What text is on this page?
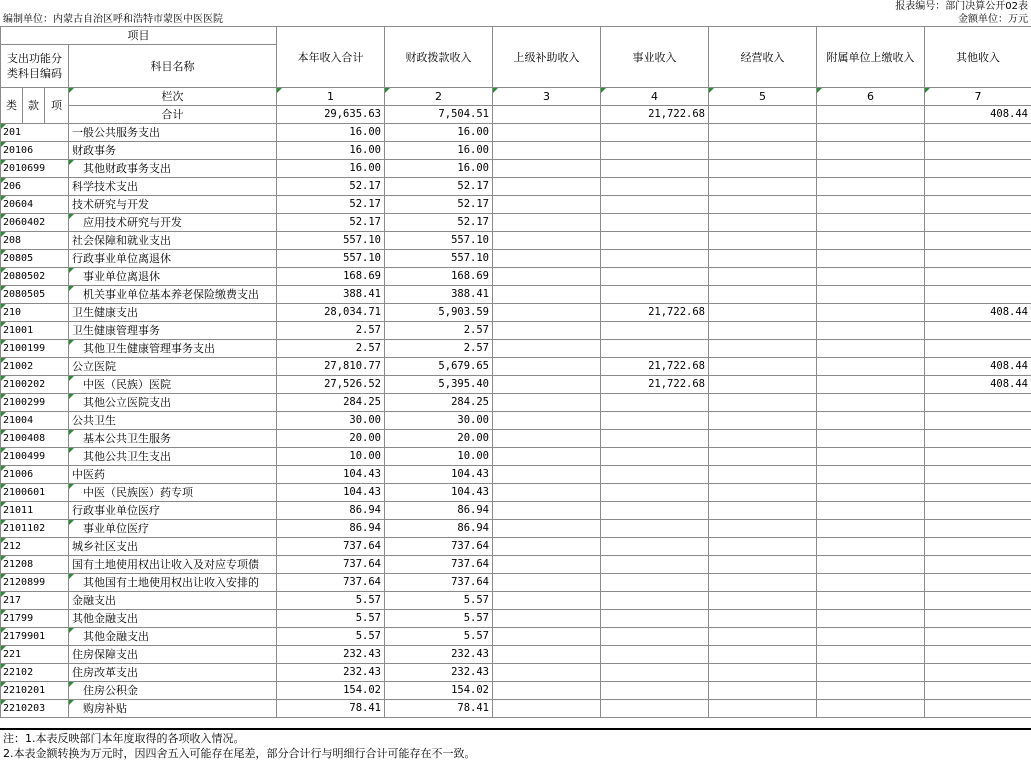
报表编号：部门决算公开02表
编制单位：内蒙古自治区呼和浩特市蒙医中医医院	金额单位：万元
项目				本年收入合计	财政拨款收入	上级补助收入	事业收入	经营收入	附属单位上缴收入	其他收入
支出功能分类科目编码			科目名称							

类	款	项	栏次	1	2	3	4	5	6	7
			合计	29,635.63	7,504.51		21,722.68			408.44
201			一般公共服务支出	16.00	16.00					
20106			财政事务	16.00	16.00					
2010699			其他财政事务支出	16.00	16.00					
206			科学技术支出	52.17	52.17					
20604			技术研究与开发	52.17	52.17					
2060402			应用技术研究与开发	52.17	52.17					
208			社会保障和就业支出	557.10	557.10					
20805			行政事业单位离退休	557.10	557.10					
2080502			事业单位离退休	168.69	168.69					
2080505			机关事业单位基本养老保险缴费支出	388.41	388.41					
210			卫生健康支出	28,034.71	5,903.59		21,722.68			408.44
21001			卫生健康管理事务	2.57	2.57					
2100199			其他卫生健康管理事务支出	2.57	2.57					
21002			公立医院	27,810.77	5,679.65		21,722.68			408.44
2100202			中医（民族）医院	27,526.52	5,395.40		21,722.68			408.44
2100299			其他公立医院支出	284.25	284.25					
21004			公共卫生	30.00	30.00					
2100408			基本公共卫生服务	20.00	20.00					
2100499			其他公共卫生支出	10.00	10.00					
21006			中医药	104.43	104.43					
2100601			中医（民族医）药专项	104.43	104.43					
21011			行政事业单位医疗	86.94	86.94					
2101102			事业单位医疗	86.94	86.94					
212			城乡社区支出	737.64	737.64					
21208			国有土地使用权出让收入及对应专项债	737.64	737.64					
2120899			其他国有土地使用权出让收入安排的	737.64	737.64					
217			金融支出	5.57	5.57					
21799			其他金融支出	5.57	5.57					
2179901			其他金融支出	5.57	5.57					
221			住房保障支出	232.43	232.43					
22102			住房改革支出	232.43	232.43					
2210201			住房公积金	154.02	154.02					
2210203			购房补贴	78.41	78.41					
注：1.本表反映部门本年度取得的各项收入情况。
2.本表金额转换为万元时，因四舍五入可能存在尾差，部分合计行与明细行合计可能存在不一致。
